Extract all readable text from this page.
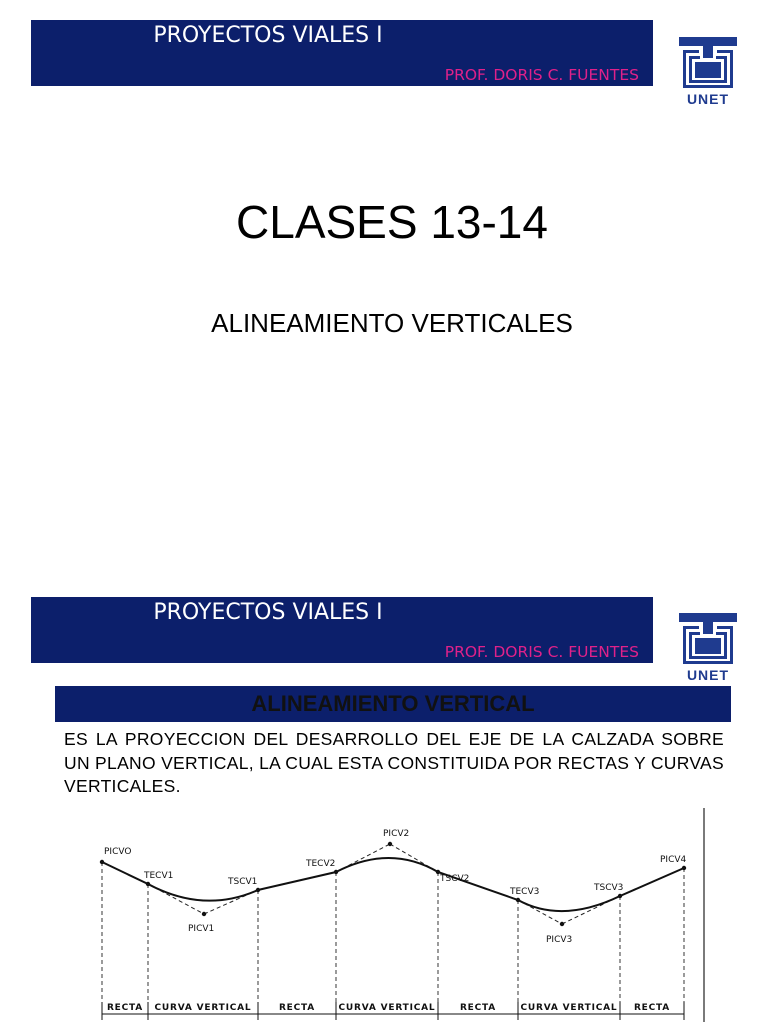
PROYECTOS VIALES I
PROF. DORIS C. FUENTES
UNET
CLASES 13-14
ALINEAMIENTO VERTICALES
PROYECTOS VIALES I
PROF. DORIS C. FUENTES
UNET
ALINEAMIENTO VERTICAL
ES LA PROYECCION DEL DESARROLLO DEL EJE DE LA CALZADA SOBRE UN PLANO VERTICAL, LA CUAL ESTA CONSTITUIDA POR RECTAS Y CURVAS VERTICALES.
PICVO
TECV1
TSCV1
PICV1
TECV2
PICV2
TSCV2
TECV3	TSCV3
PICV3
PICV4
RECTA CURVA VERTICAL	RECTA	CURVA VERTICAL	RECTA	CURVA VERTICAL RECTA
